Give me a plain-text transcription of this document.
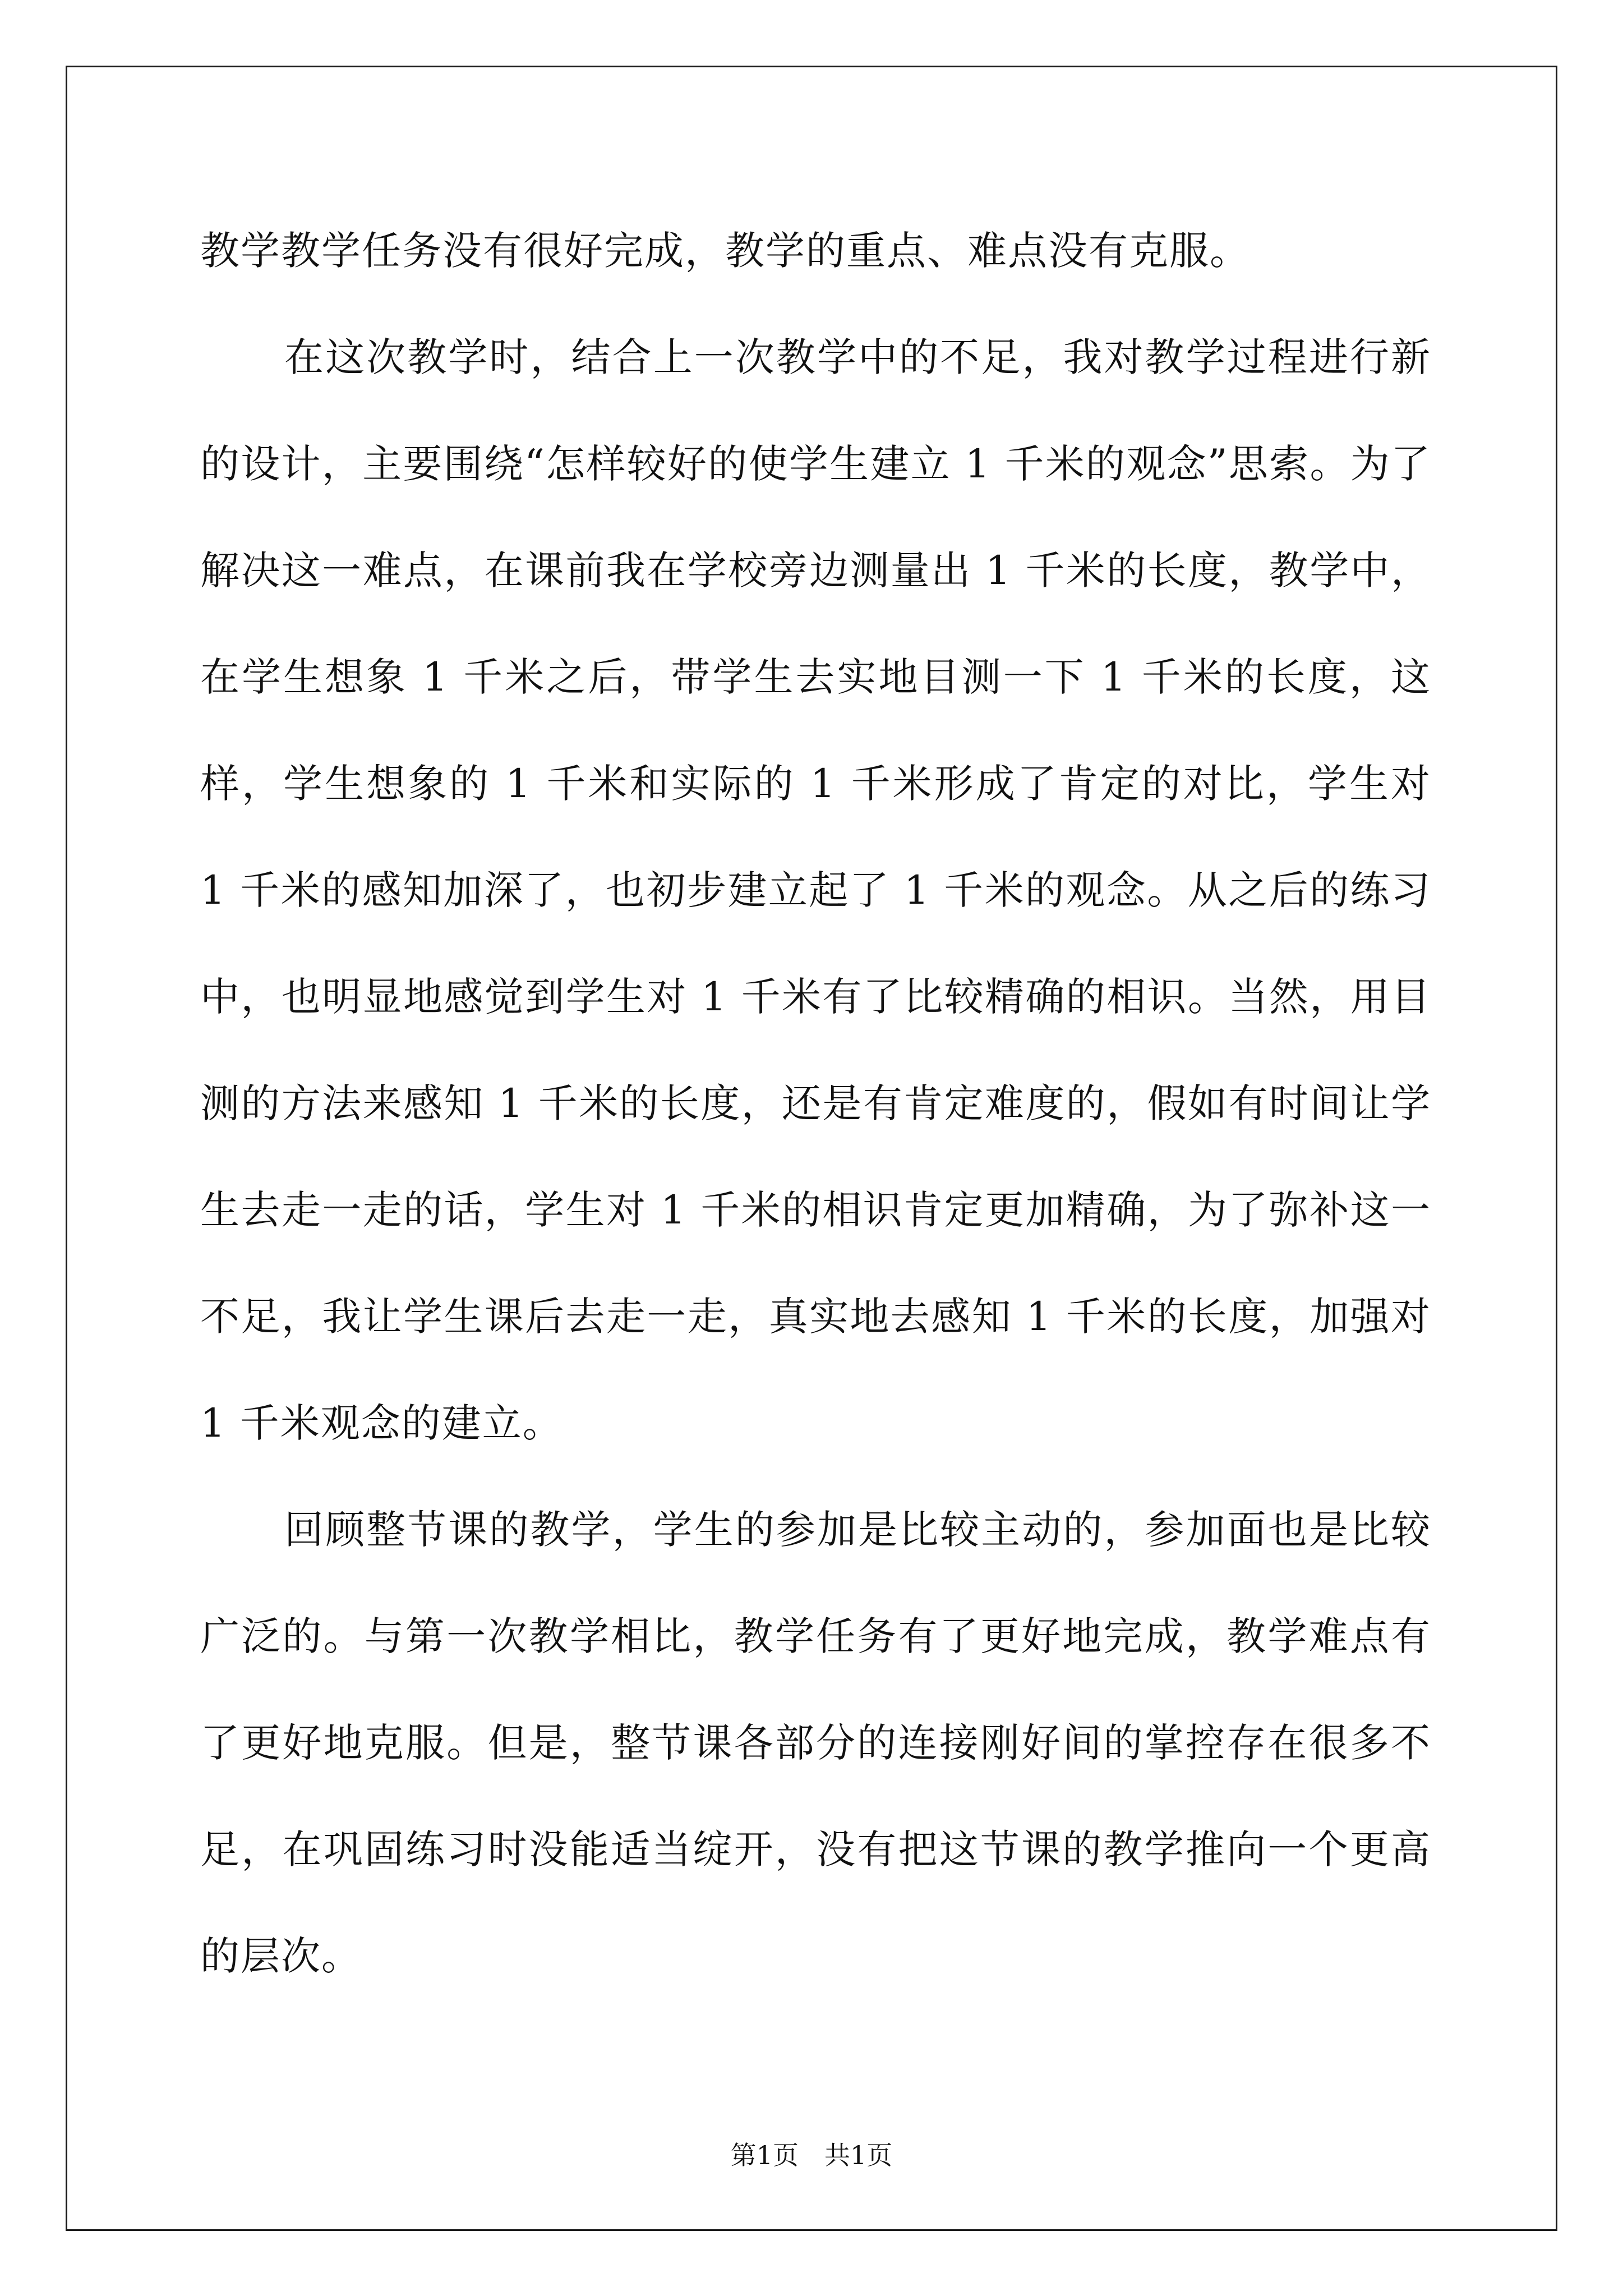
教学教学任务没有很好完成，教学的重点、难点没有克服。

在这次教学时，结合上一次教学中的不足，我对教学过程进行新的设计，主要围绕“怎样较好的使学生建立 1 千米的观念”思索。为了解决这一难点，在课前我在学校旁边测量出 1 千米的长度，教学中，在学生想象 1 千米之后，带学生去实地目测一下 1 千米的长度，这样，学生想象的 1 千米和实际的 1 千米形成了肯定的对比，学生对 1 千米的感知加深了，也初步建立起了 1 千米的观念。从之后的练习中，也明显地感觉到学生对 1 千米有了比较精确的相识。当然，用目测的方法来感知 1 千米的长度，还是有肯定难度的，假如有时间让学生去走一走的话，学生对 1 千米的相识肯定更加精确，为了弥补这一不足，我让学生课后去走一走，真实地去感知 1 千米的长度，加强对 1 千米观念的建立。

回顾整节课的教学，学生的参加是比较主动的，参加面也是比较广泛的。与第一次教学相比，教学任务有了更好地完成，教学难点有了更好地克服。但是，整节课各部分的连接刚好间的掌控存在很多不足，在巩固练习时没能适当绽开，没有把这节课的教学推向一个更高的层次。

第1页 共1页
